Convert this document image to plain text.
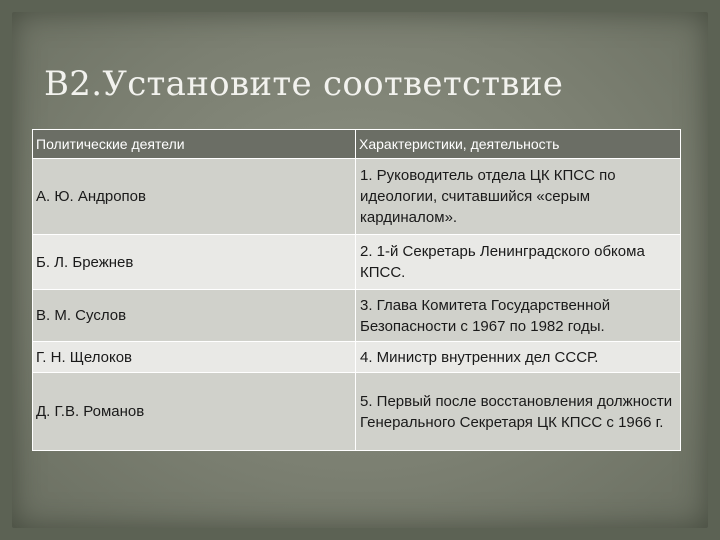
В2.Установите соответствие
Политические деятели	Характеристики, деятельность
А. Ю. Андропов	1. Руководитель отдела ЦК КПСС по идеологии, считавшийся «серым кардиналом».
Б. Л. Брежнев	2. 1-й Секретарь Ленинградского обкома КПСС.
В. М. Суслов	3. Глава Комитета Государственной Безопасности с 1967 по 1982 годы.
Г. Н. Щелоков	4. Министр внутренних дел СССР.
Д. Г.В. Романов	5. Первый после восстановления должности Генерального Секретаря ЦК КПСС с 1966 г.
